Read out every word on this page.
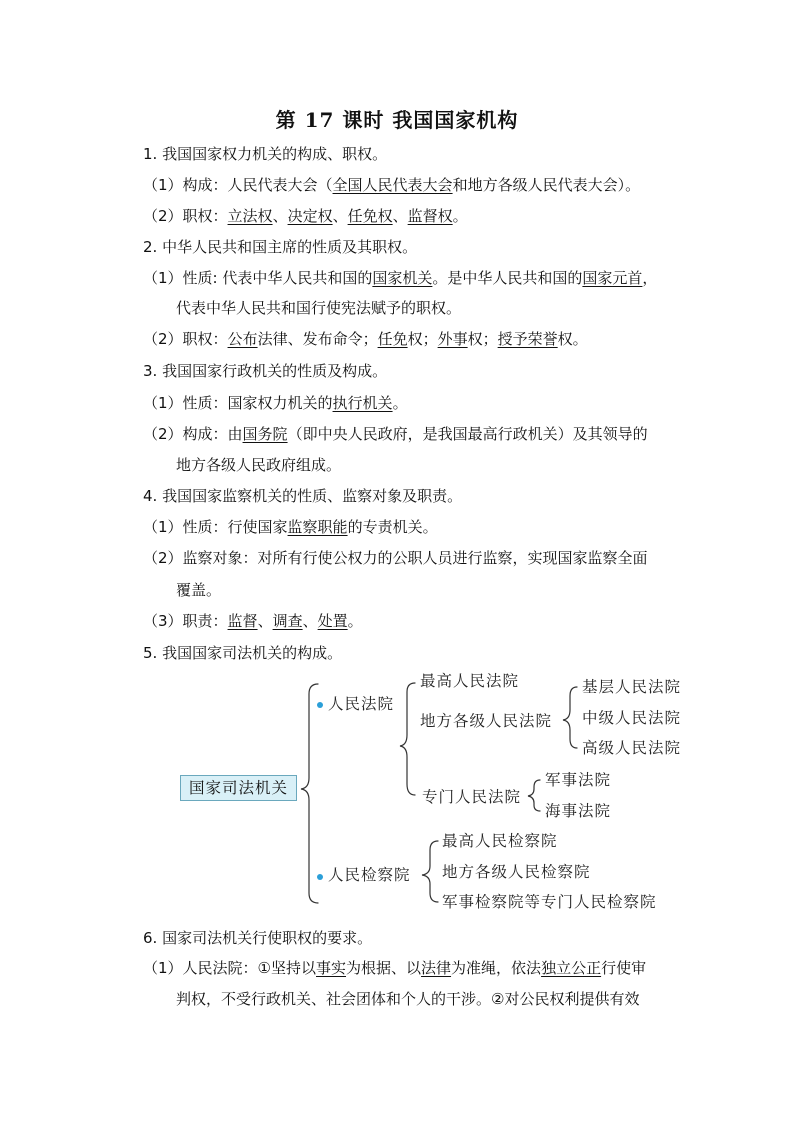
第 17 课时 我国国家机构
1. 我国国家权力机关的构成、职权。
（1）构成：人民代表大会（全国人民代表大会和地方各级人民代表大会）。
（2）职权：立法权、决定权、任免权、监督权。
2. 中华人民共和国主席的性质及其职权。
（1）性质: 代表中华人民共和国的国家机关。是中华人民共和国的国家元首，
代表中华人民共和国行使宪法赋予的职权。
（2）职权：公布法律、发布命令；任免权；外事权；授予荣誉权。
3. 我国国家行政机关的性质及构成。
（1）性质：国家权力机关的执行机关。
（2）构成：由国务院（即中央人民政府，是我国最高行政机关）及其领导的
地方各级人民政府组成。
4. 我国国家监察机关的性质、监察对象及职责。
（1）性质：行使国家监察职能的专责机关。
（2）监察对象：对所有行使公权力的公职人员进行监察，实现国家监察全面
覆盖。
（3）职责：监督、调查、处置。
5. 我国国家司法机关的构成。
国家司法机关
人民法院
最高人民法院
地方各级人民法院
基层人民法院
中级人民法院
高级人民法院
专门人民法院
军事法院
海事法院
人民检察院
最高人民检察院
地方各级人民检察院
军事检察院等专门人民检察院
6. 国家司法机关行使职权的要求。
（1）人民法院：①坚持以事实为根据、以法律为准绳，依法独立公正行使审
判权，不受行政机关、社会团体和个人的干涉。②对公民权利提供有效
